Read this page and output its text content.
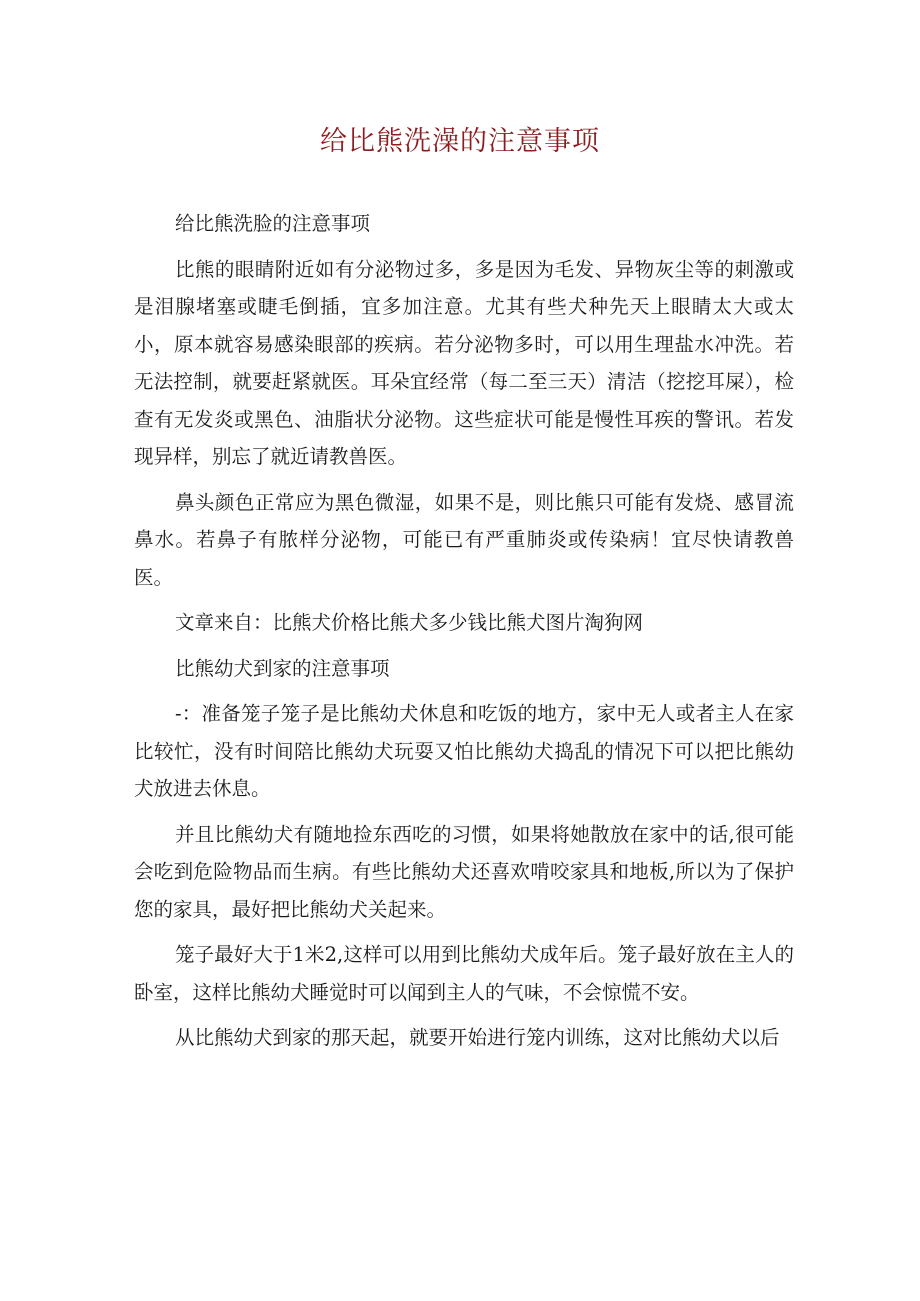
给比熊洗澡的注意事项

给比熊洗脸的注意事项

比熊的眼睛附近如有分泌物过多，多是因为毛发、异物灰尘等的刺激或是泪腺堵塞或睫毛倒插，宜多加注意。尤其有些犬种先天上眼睛太大或太小，原本就容易感染眼部的疾病。若分泌物多时，可以用生理盐水冲洗。若无法控制，就要赶紧就医。耳朵宜经常（每二至三天）清洁（挖挖耳屎），检查有无发炎或黑色、油脂状分泌物。这些症状可能是慢性耳疾的警讯。若发现异样，别忘了就近请教兽医。

鼻头颜色正常应为黑色微湿，如果不是，则比熊只可能有发烧、感冒流鼻水。若鼻子有脓样分泌物，可能已有严重肺炎或传染病！宜尽快请教兽医。

文章来自：比熊犬价格比熊犬多少钱比熊犬图片淘狗网

比熊幼犬到家的注意事项

-：准备笼子笼子是比熊幼犬休息和吃饭的地方，家中无人或者主人在家比较忙，没有时间陪比熊幼犬玩耍又怕比熊幼犬捣乱的情况下可以把比熊幼犬放进去休息。

并且比熊幼犬有随地捡东西吃的习惯，如果将她散放在家中的话,很可能会吃到危险物品而生病。有些比熊幼犬还喜欢啃咬家具和地板,所以为了保护您的家具，最好把比熊幼犬关起来。

笼子最好大于1米2,这样可以用到比熊幼犬成年后。笼子最好放在主人的卧室，这样比熊幼犬睡觉时可以闻到主人的气味，不会惊慌不安。

从比熊幼犬到家的那天起，就要开始进行笼内训练，这对比熊幼犬以后
